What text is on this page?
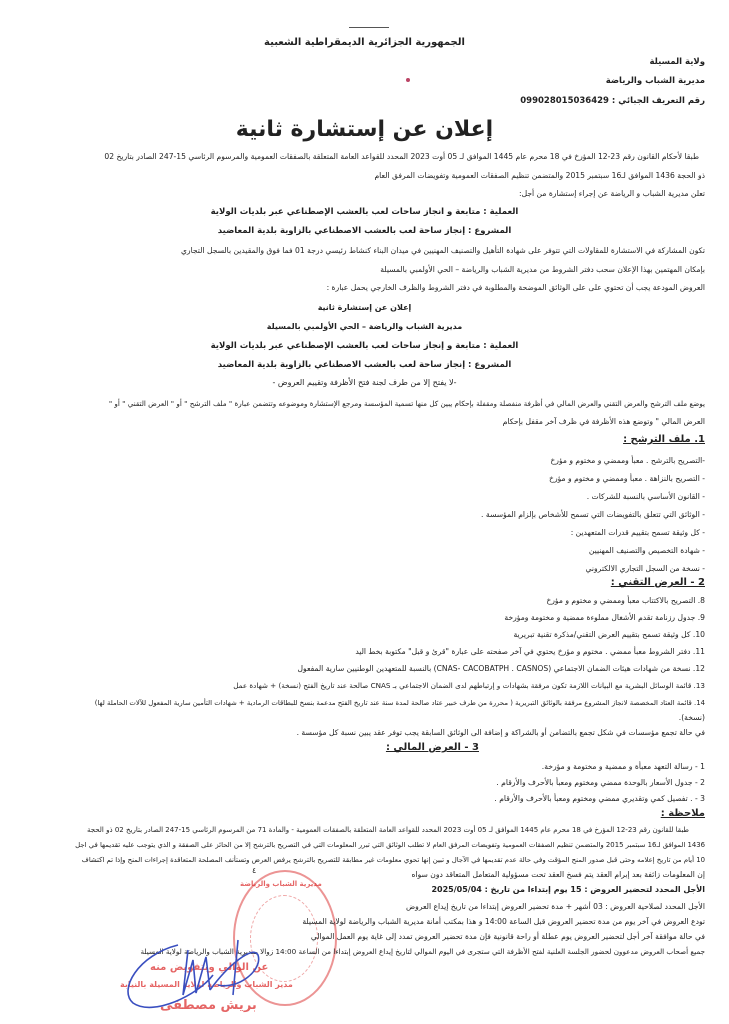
الجمهورية الجزائرية الديمقراطية الشعبية
ولاية المسيلة
مديرية الشباب والرياضة
رقم التعريف الجبائي : 099028015036429
إعلان عن إستشارة ثانية
طبقا لأحكام القانون رقم 23-12 المؤرخ في 18 محرم عام 1445 الموافق لـ 05 أوت 2023 المحدد للقواعد العامة المتعلقة بالصفقات العمومية والمرسوم الرئاسي 15-247 الصادر بتاريخ 02
ذو الحجة 1436 الموافق لـ16 سبتمبر 2015 والمتضمن تنظيم الصفقات العمومية وتفويضات المرفق العام
تعلن مديرية الشباب و الرياضة عن إجراء إستشارة من أجل:
العملية : متابعة و انجاز ساحات لعب بالعشب الإصطناعي عبر بلديات الولاية
المشروع : إنجاز ساحة لعب بالعشب الاصطناعي بالزاوية بلدية المعاضيد
تكون المشاركة في الاستشارة للمقاولات التي تتوفر على شهادة التأهيل والتصنيف المهنيين في ميدان البناء كنشاط رئيسي درجة 01 فما فوق والمقيدين بالسجل التجاري
بإمكان المهتمين بهذا الإعلان سحب دفتر الشروط من مديرية الشباب والرياضة – الحي الأولمبي بالمسيلة
العروض المودعة يجب أن تحتوي على على الوثائق الموضحة والمطلوبة في دفتر الشروط والظرف الخارجي يحمل عبارة :
إعلان عن إستشارة ثانية
مديرية الشباب والرياضة – الحي الأولمبي بالمسيلة
العملية : متابعة و إنجاز ساحات لعب بالعشب الإصطناعي عبر بلديات الولاية
المشروع : إنجاز ساحة لعب بالعشب الاصطناعي بالزاوية بلدية المعاضيد
-لا يفتح إلا من طرف لجنة فتح الأظرفة وتقييم العروض -
يوضع ملف الترشح والعرض التقني والعرض المالي في أظرفة منفصلة ومقفلة بإحكام يبين كل منها تسمية المؤسسة ومرجع الإستشارة وموضوعه وتتضمن عبارة " ملف الترشح " أو " العرض التقني " أو "
العرض المالي " وتوضع هذه الأظرفة في ظرف آخر مقفل بإحكام
1. ملف الترشح :
-التصريح بالترشح . معبأ وممضي و مختوم و مؤرخ
- التصريح بالنزاهة . معبأ وممضي و مختوم و مؤرخ
- القانون الأساسي بالنسبة للشركات .
- الوثائق التي تتعلق بالتفويضات التي تسمح للأشخاص بإلزام المؤسسة .
- كل وثيقة تسمح بتقييم قدرات المتعهدين :
- شهادة التخصيص والتصنيف المهنيين
- نسخة من السجل التجاري الالكتروني
2 - العرض التقني :
8. التصريح بالاكتتاب معبأ وممضي و مختوم و مؤرخ
9. جدول رزنامة تقدم الأشغال مملوءة ممضية و مختومة ومؤرخة
10. كل وثيقة تسمح بتقييم العرض التقني/مذكرة تقنية تبريرية
11. دفتر الشروط معبأ ممضي . مختوم و مؤرخ يحتوي في آخر صفحته على عبارة "قرئ و قبل" مكتوبة بخط اليد
12. نسخة من شهادات هيئات الضمان الاجتماعي (CNAS- CACOBATPH . CASNOS) بالنسبة للمتعهدين الوطنيين سارية المفعول
13. قائمة الوسائل البشرية مع البيانات اللازمة تكون مرفقة بشهادات و إرتباطهم لدى الضمان الاجتماعي بـ CNAS صالحة عند تاريخ الفتح (نسخة) + شهادة عمل
14. قائمة العتاد المخصصة لانجاز المشروع مرفقة بالوثائق التبريرية ( محررة من طرف خبير عتاد صالحة لمدة سنة عند تاريخ الفتح مدعمة بنسخ للبطاقات الرمادية + شهادات التأمين سارية المفعول للآلات الحاملة لها)
(نسخة).
في حالة تجمع مؤسسات في شكل تجمع بالتضامن أو بالشراكة و إضافة الى الوثائق السابقة يجب توفر عقد يبين نسبة كل مؤسسة .
3 - العرض المالي :
1 - رسالة التعهد معبأة و ممضية و مختومة و مؤرخة.
2 - جدول الأسعار بالوحدة ممضي ومختوم ومعبأ بالأحرف والأرقام .
3 - . تفصيل كمي وتقديري ممضي ومختوم ومعبأ بالأحرف والأرقام .
ملاحظة :
طبقا للقانون رقم 23-12 المؤرخ في 18 محرم عام 1445 الموافق لـ 05 أوت 2023 المحدد للقواعد العامة المتعلقة بالصفقات العمومية - والمادة 71 من المرسوم الرئاسي 15-247 الصادر بتاريخ 02 ذو الحجة
1436 الموافق لـ16 سبتمبر 2015 والمتضمن تنظيم الصفقات العمومية وتفويضات المرفق العام لا تطلب الوثائق التي تبرر المعلومات التي في التصريح بالترشح إلا من الحائز على الصفقة و الذي يتوجب عليه تقديمها في اجل
10 أيام من تاريخ إعلامه وحتى قبل صدور المنح المؤقت وفي حالة عدم تقديمها في الآجال و تبين إنها تحوي معلومات غير مطابقة للتصريح بالترشح يرفض العرض وتستأنف المصلحة المتعاقدة إجراءات المنح وإذا تم اكتشاف
إن المعلومات زائفة بعد إبرام العقد يتم فسخ العقد تحت مسؤولية المتعامل المتعاقد دون سواه
٤
مديرية الشباب والرياضة
الأجل المحدد لتحضير العروض : 15 يوم إبتداءا من تاريخ : 2025/05/04
الأجل المحدد لصلاحية العروض : 03 أشهر + مدة تحضير العروض إبتداءا من تاريخ إيداع العروض
تودع العروض في آخر يوم من مدة تحضير العروض قبل الساعة 14:00 و هذا بمكتب أمانة مديرية الشباب والرياضة لولاية المسيلة
في حالة موافقة آخر أجل لتحضير العروض يوم عطلة أو راحة قانونية فإن مدة تحضير العروض تمدد إلى غاية يوم العمل الموالي
جميع أصحاب العروض مدعوون لحضور الجلسة العلنية لفتح الأظرفة التي ستجرى في اليوم الموالي لتاريخ إيداع العروض إبتداءا من الساعة 14:00 زوالا بمديرية الشباب والرياضة لولاية المسيلة
عن الوالي وبتفويض منه
مدير الشباب والرياضة لولاية المسيلة بالنيابة
بريش مصطفى
